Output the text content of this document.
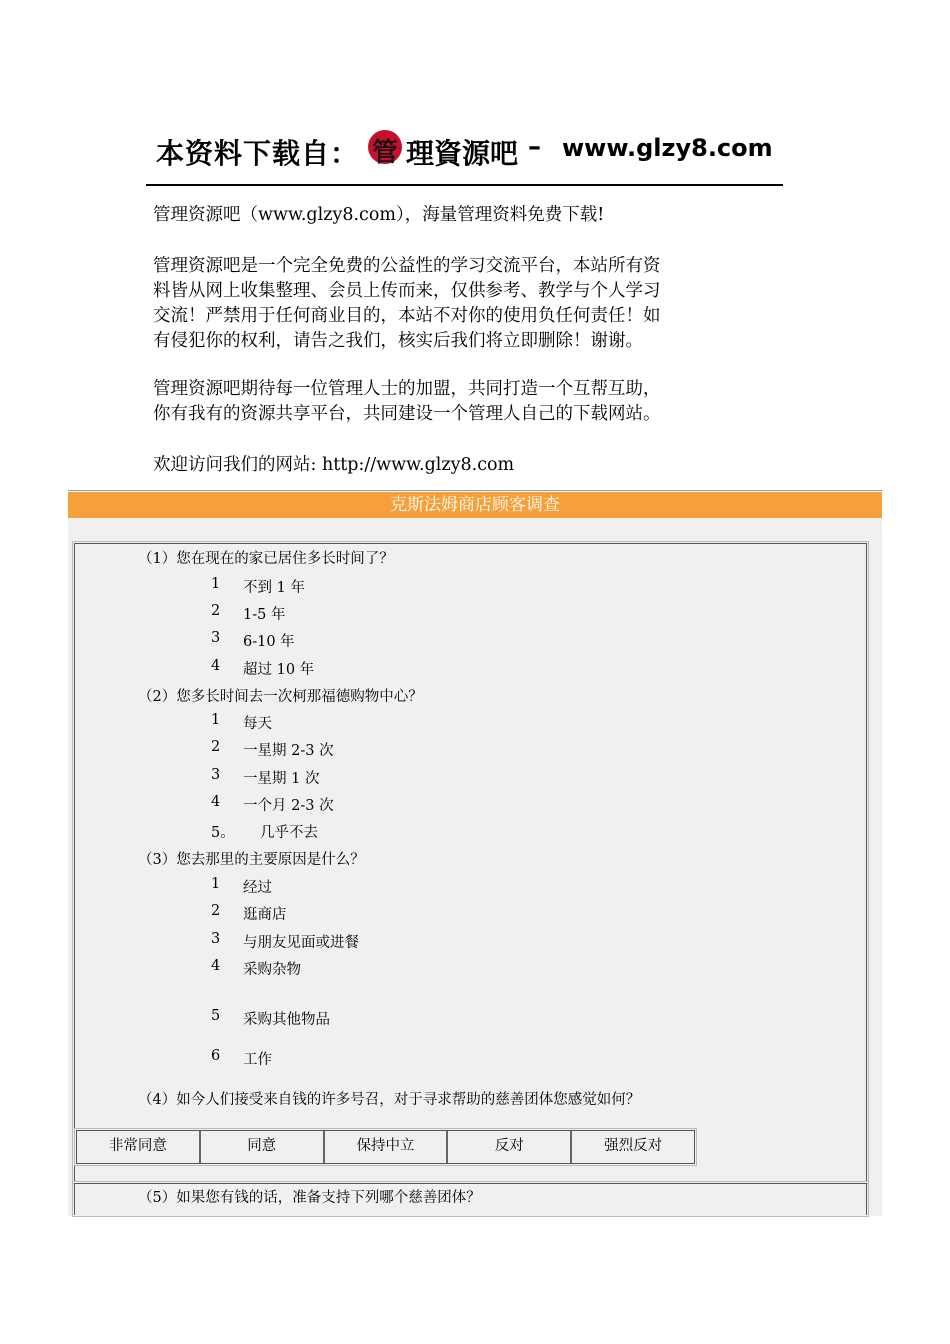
本资料下载自： 管 理資源吧 – www.glzy8.com
管理资源吧（www.glzy8.com），海量管理资料免费下载!
管理资源吧是一个完全免费的公益性的学习交流平台，本站所有资
料皆从网上收集整理、会员上传而来，仅供参考、教学与个人学习
交流！严禁用于任何商业目的，本站不对你的使用负任何责任！如
有侵犯你的权利，请告之我们，核实后我们将立即删除！谢谢。
管理资源吧期待每一位管理人士的加盟，共同打造一个互帮互助，
你有我有的资源共享平台，共同建设一个管理人自己的下载网站。
欢迎访问我们的网站: http://www.glzy8.com
克斯法姆商店顾客调查
（1）您在现在的家已居住多长时间了？
1 不到 1 年
2 1-5 年
3 6-10 年
4 超过 10 年
（2）您多长时间去一次柯那福德购物中心？
1 每天
2 一星期 2-3 次
3 一星期 1 次
4 一个月 2-3 次
5。 几乎不去
（3）您去那里的主要原因是什么？
1 经过
2 逛商店
3 与朋友见面或进餐
4 采购杂物
5 采购其他物品
6 工作
（4）如今人们接受来自钱的许多号召，对于寻求帮助的慈善团体您感觉如何？
非常同意	同意	保持中立	反对	强烈反对
（5）如果您有钱的话，准备支持下列哪个慈善团体？
